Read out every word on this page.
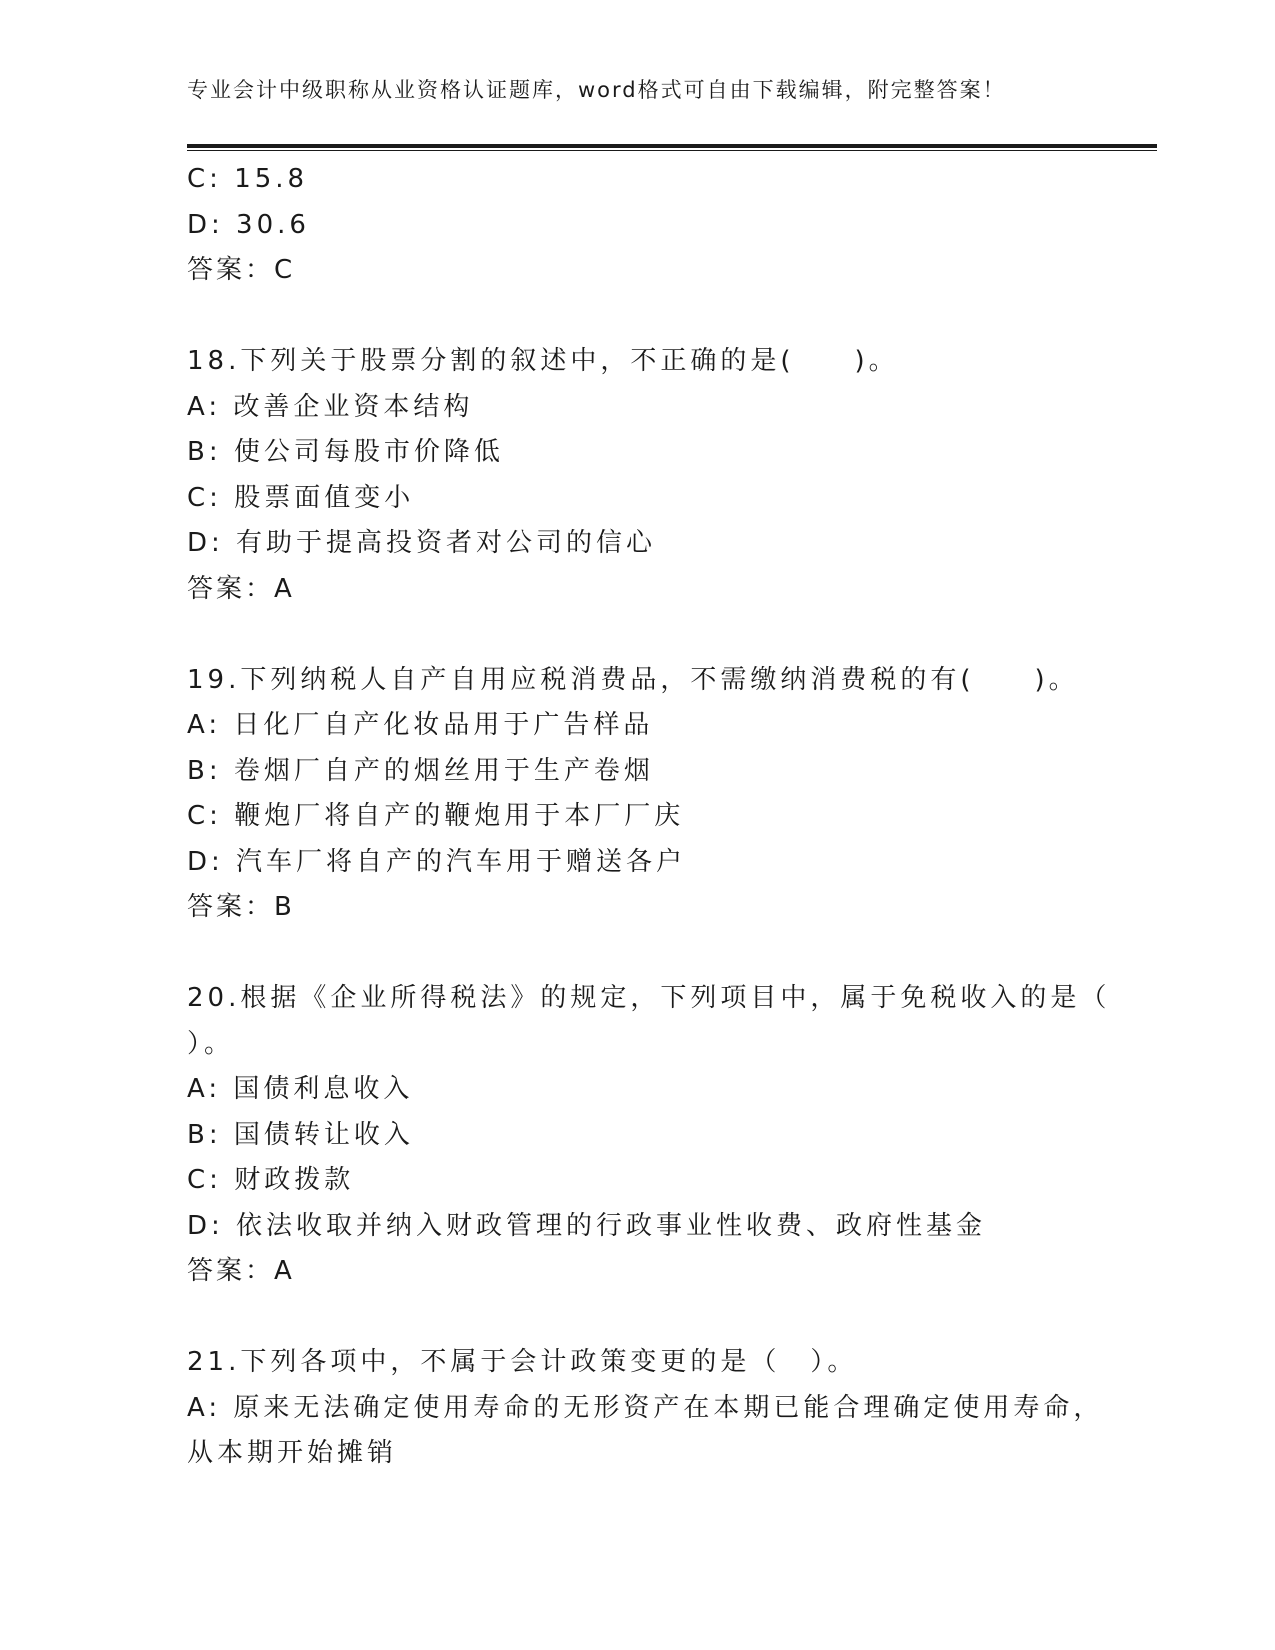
专业会计中级职称从业资格认证题库，word格式可自由下载编辑，附完整答案！
C: 15.8
D: 30.6
答案：C
18.下列关于股票分割的叙述中，不正确的是(　　)。
A: 改善企业资本结构
B: 使公司每股市价降低
C: 股票面值变小
D: 有助于提高投资者对公司的信心
答案：A
19.下列纳税人自产自用应税消费品，不需缴纳消费税的有(　　)。
A: 日化厂自产化妆品用于广告样品
B: 卷烟厂自产的烟丝用于生产卷烟
C: 鞭炮厂将自产的鞭炮用于本厂厂庆
D: 汽车厂将自产的汽车用于赠送各户
答案：B
20.根据《企业所得税法》的规定，下列项目中，属于免税收入的是（
）。
A: 国债利息收入
B: 国债转让收入
C: 财政拨款
D: 依法收取并纳入财政管理的行政事业性收费、政府性基金
答案：A
21.下列各项中，不属于会计政策变更的是（　）。
A: 原来无法确定使用寿命的无形资产在本期已能合理确定使用寿命，
从本期开始摊销
